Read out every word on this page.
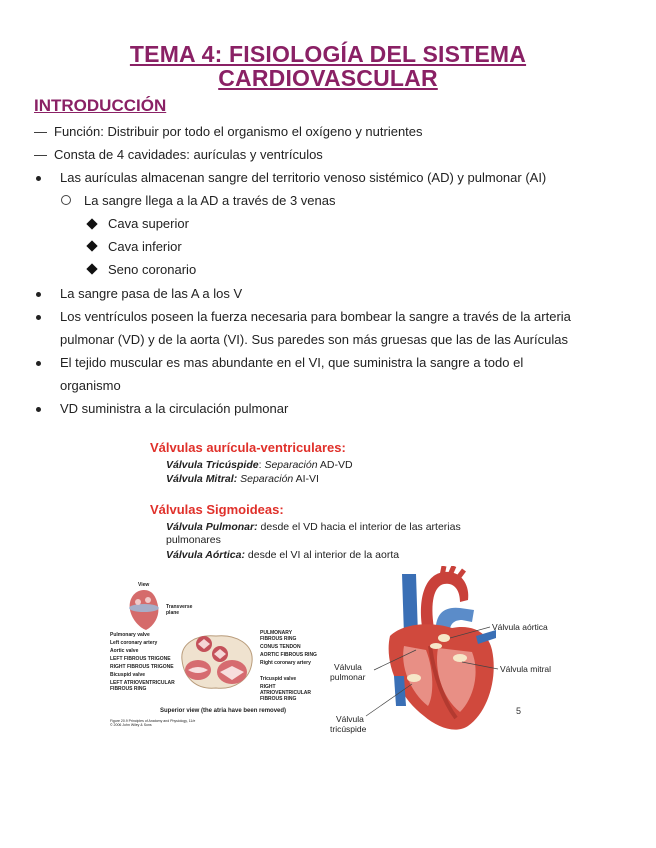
TEMA 4: FISIOLOGÍA DEL SISTEMA
CARDIOVASCULAR
INTRODUCCIÓN
— Función: Distribuir por todo el organismo el oxígeno y nutrientes
— Consta de 4 cavidades: aurículas y ventrículos
Las aurículas almacenan sangre del territorio venoso sistémico (AD) y pulmonar (AI)
La sangre llega a la AD a través de 3 venas
Cava superior
Cava inferior
Seno coronario
La sangre pasa de las A a los V
Los ventrículos poseen la fuerza necesaria para bombear la sangre a través de la arteria
pulmonar (VD) y de la aorta (VI). Sus paredes son más gruesas que las de las Aurículas
El tejido muscular es mas abundante en el VI, que suministra la sangre a todo el
organismo
VD suministra a la circulación pulmonar
Válvulas aurícula-ventriculares:
Válvula Tricúspide: Separación AD-VD
Válvula Mitral: Separación AI-VI
Válvulas Sigmoideas:
Válvula Pulmonar: desde el VD hacia el interior de las arterias
pulmonares
Válvula Aórtica: desde el VI al interior de la aorta
View
Transverse
plane
Pulmonary valve
Left coronary artery
Aortic valve
LEFT FIBROUS TRIGONE
RIGHT FIBROUS TRIGONE
Bicuspid valve
LEFT ATRIOVENTRICULAR
FIBROUS RING
PULMONARY
FIBROUS RING
CONUS TENDON
AORTIC FIBROUS RING
Right coronary artery
Tricuspid valve
RIGHT
ATRIOVENTRICULAR
FIBROUS RING
Superior view (the atria have been removed)
Figure 20.9 Principles of Anatomy and Physiology, 11/e
© 2006 John Wiley & Sons
Válvula aórtica
Válvula mitral
Válvula
pulmonar
Válvula
tricúspide
5
